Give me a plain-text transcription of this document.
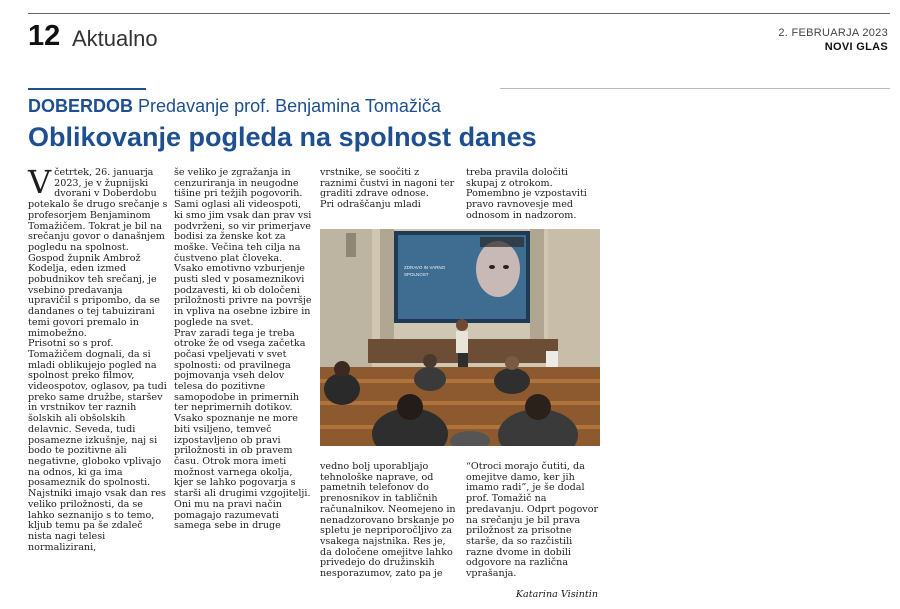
12 Aktualno	2. FEBRUARJA 2023
NOVI GLAS
DOBERDOB Predavanje prof. Benjamina Tomažiča
Oblikovanje pogleda na spolnost danes

Včetrtek, 26. januarja 2023, je v župnijski dvorani v Doberdobu potekalo še drugo srečanje s profesorjem Benjaminom Tomažičem. Tokrat je bil na srečanju govor o današnjem pogledu na spolnost. Gospod župnik Ambrož Kodelja, eden izmed pobudnikov teh srečanj, je vsebino predavanja upravičil s pripombo, da se dandanes o tej tabuizirani temi govori premalo in mimobežno.

Prisotni so s prof. Tomažičem dognali, da si mladi oblikujejo pogled na spolnost preko filmov, videospotov, oglasov, pa tudi preko same družbe, staršev in vrstnikov ter raznih šolskih ali obšolskih delavnic. Seveda, tudi posamezne izkušnje, naj si bodo te pozitivne ali negativne, globoko vplivajo na odnos, ki ga ima posameznik do spolnosti.

Najstniki imajo vsak dan res veliko priložnosti, da se lahko seznanijo s to temo, kljub temu pa še zdaleč nista nagi telesi normalizirani,

še veliko je zgražanja in cenzuriranja in neugodne tišine pri težjih pogovorih. Sami oglasi ali videospoti, ki smo jim vsak dan prav vsi podvrženi, so vir primerjave bodisi za ženske kot za moške. Večina teh cilja na čustveno plat človeka. Vsako emotivno vzburjenje pusti sled v posameznikovi podzavesti, ki ob določeni priložnosti privre na površje in vpliva na osebne izbire in poglede na svet.

Prav zaradi tega je treba otroke že od vsega začetka počasi vpeljevati v svet spolnosti: od pravilnega pojmovanja vseh delov telesa do pozitivne samopodobe in primernih ter neprimernih dotikov. Vsako spoznanje ne more biti vsiljeno, temveč izpostavljeno ob pravi priložnosti in ob pravem času. Otrok mora imeti možnost varnega okolja, kjer se lahko pogovarja s starši ali drugimi vzgojitelji. Oni mu na pravi način pomagajo razumevati samega sebe in druge

vrstnike, se soočiti z raznimi čustvi in nagoni ter graditi zdrave odnose.

Pri odraščanju mladi

treba pravila določiti skupaj z otrokom. Pomembno je vzpostaviti pravo ravnovesje med odnosom in nadzorom.

ZDRAVO IN VARNO
SPOLNOST

vedno bolj uporabljajo tehnološke naprave, od pametnih telefonov do prenosnikov in tabličnih računalnikov. Neomejeno in nenadzorovano brskanje po spletu je nepriporočljivo za vsakega najstnika. Res je, da določene omejitve lahko privedejo do družinskih nesporazumov, zato pa je

“Otroci morajo čutiti, da omejitve damo, ker jih imamo radi”, je še dodal prof. Tomažič na predavanju. Odprt pogovor na srečanju je bil prava priložnost za prisotne starše, da so razčistili razne dvome in dobili odgovore na različna vprašanja.

Katarina Visintin
